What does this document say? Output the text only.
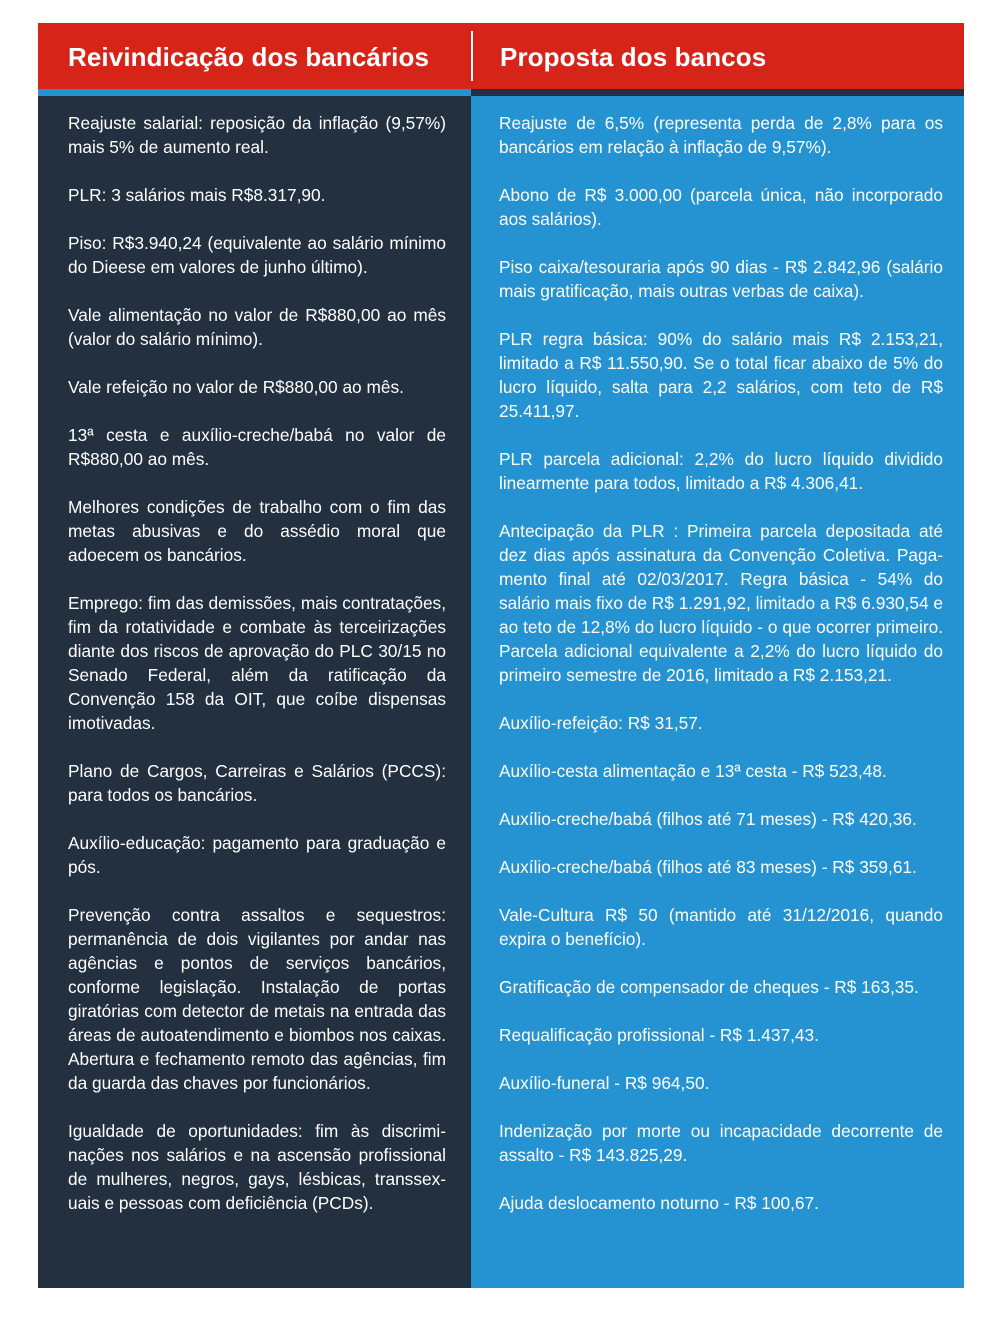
Reivindicação dos bancários	Proposta dos bancos

Reajuste salarial: reposição da inflação (9,57%) mais 5% de aumento real.

PLR: 3 salários mais R$8.317,90.

Piso: R$3.940,24 (equivalente ao salário mínimo do Dieese em valores de junho último).

Vale alimentação no valor de R$880,00 ao mês (valor do salário mínimo).

Vale refeição no valor de R$880,00 ao mês.

13ª cesta e auxílio-creche/babá no valor de R$880,00 ao mês.

Melhores condições de trabalho com o fim das metas abusivas e do assédio moral que adoecem os bancários.

Emprego: fim das demissões, mais contratações, fim da rotatividade e combate às terceirizações diante dos riscos de aprovação do PLC 30/15 no Senado Federal, além da ratificação da Convenção 158 da OIT, que coíbe dispensas imotivadas.

Plano de Cargos, Carreiras e Salários (PCCS): para todos os bancários.

Auxílio-educação: pagamento para graduação e pós.

Prevenção contra assaltos e sequestros: permanência de dois vigilantes por andar nas agências e pontos de serviços bancários, conforme legislação. Instalação de portas giratórias com detector de metais na entrada das áreas de autoatendimento e biombos nos caixas. Abertura e fechamento remoto das agências, fim da guarda das chaves por funcionários.

Igualdade de oportunidades: fim às discriminações nos salários e na ascensão profissional de mulheres, negros, gays, lésbicas, transsexuais e pessoas com deficiência (PCDs).

Reajuste de 6,5% (representa perda de 2,8% para os bancários em relação à inflação de 9,57%).

Abono de R$ 3.000,00 (parcela única, não incorporado aos salários).

Piso caixa/tesouraria após 90 dias - R$ 2.842,96 (salário mais gratificação, mais outras verbas de caixa).

PLR regra básica: 90% do salário mais R$ 2.153,21, limitado a R$ 11.550,90. Se o total ficar abaixo de 5% do lucro líquido, salta para 2,2 salários, com teto de R$ 25.411,97.

PLR parcela adicional: 2,2% do lucro líquido dividido linearmente para todos, limitado a R$ 4.306,41.

Antecipação da PLR : Primeira parcela depositada até dez dias após assinatura da Convenção Coletiva. Pagamento final até 02/03/2017. Regra básica - 54% do salário mais fixo de R$ 1.291,92, limitado a R$ 6.930,54 e ao teto de 12,8% do lucro líquido - o que ocorrer primeiro. Parcela adicional equivalente a 2,2% do lucro líquido do primeiro semestre de 2016, limitado a R$ 2.153,21.

Auxílio-refeição: R$ 31,57.

Auxílio-cesta alimentação e 13ª cesta - R$ 523,48.

Auxílio-creche/babá (filhos até 71 meses) - R$ 420,36.

Auxílio-creche/babá (filhos até 83 meses) - R$ 359,61.

Vale-Cultura R$ 50 (mantido até 31/12/2016, quando expira o benefício).

Gratificação de compensador de cheques - R$ 163,35.

Requalificação profissional - R$ 1.437,43.

Auxílio-funeral - R$ 964,50.

Indenização por morte ou incapacidade decorrente de assalto - R$ 143.825,29.

Ajuda deslocamento noturno - R$ 100,67.
